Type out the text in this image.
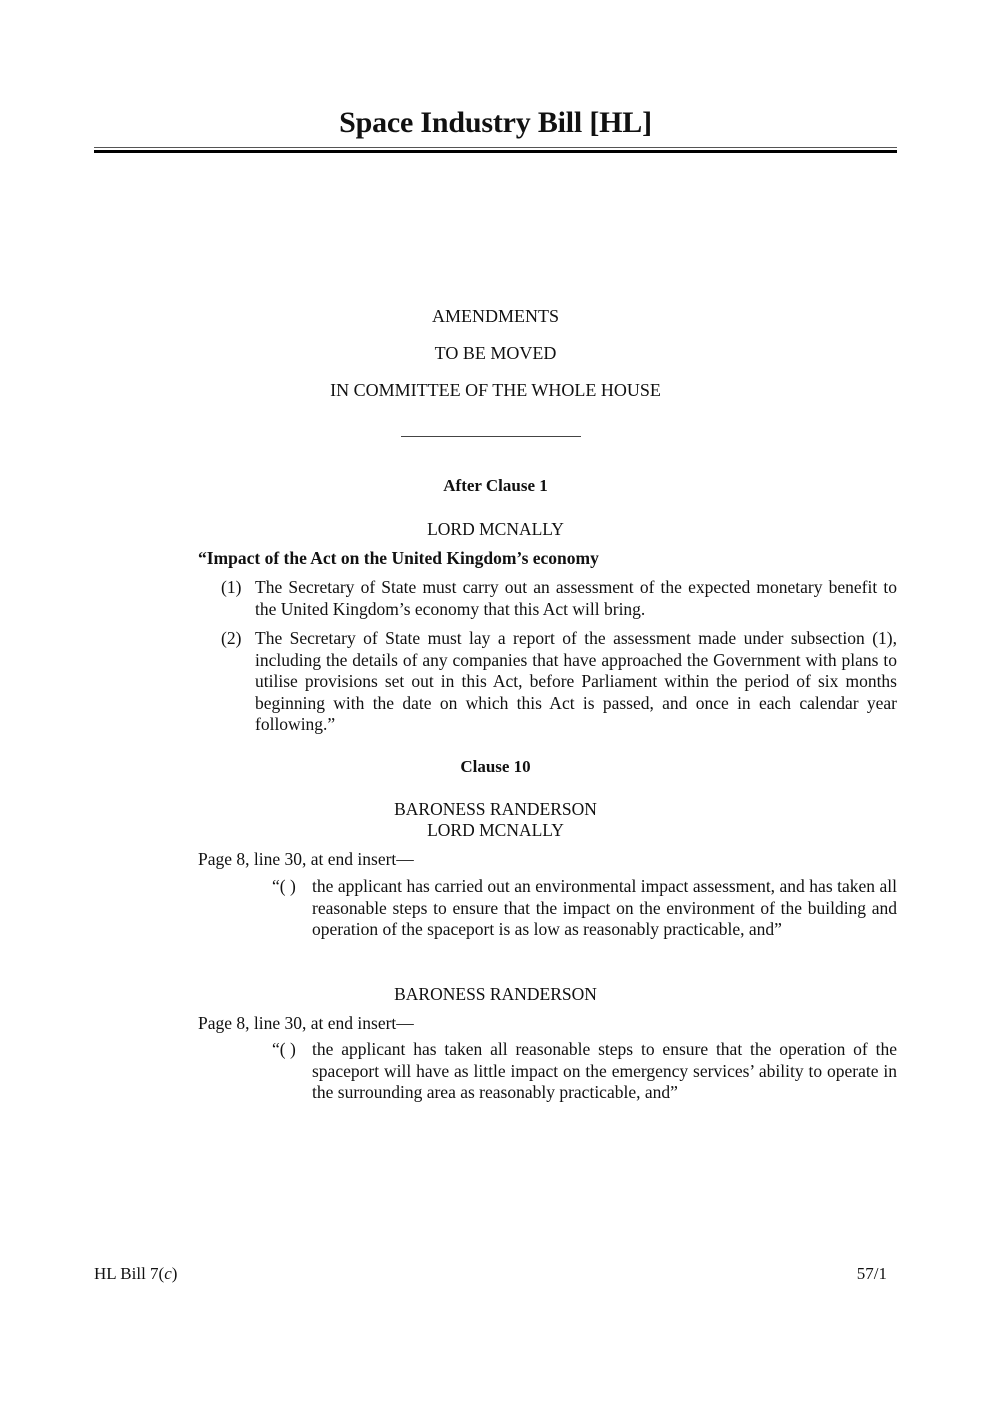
Space Industry Bill [HL]
AMENDMENTS
TO BE MOVED
IN COMMITTEE OF THE WHOLE HOUSE
After Clause 1
LORD MCNALLY
“Impact of the Act on the United Kingdom’s economy
(1) The Secretary of State must carry out an assessment of the expected monetary benefit to the United Kingdom’s economy that this Act will bring.
(2) The Secretary of State must lay a report of the assessment made under subsection (1), including the details of any companies that have approached the Government with plans to utilise provisions set out in this Act, before Parliament within the period of six months beginning with the date on which this Act is passed, and once in each calendar year following.”
Clause 10
BARONESS RANDERSON
LORD MCNALLY
Page 8, line 30, at end insert—
“( ) the applicant has carried out an environmental impact assessment, and has taken all reasonable steps to ensure that the impact on the environment of the building and operation of the spaceport is as low as reasonably practicable, and”
BARONESS RANDERSON
Page 8, line 30, at end insert—
“( ) the applicant has taken all reasonable steps to ensure that the operation of the spaceport will have as little impact on the emergency services’ ability to operate in the surrounding area as reasonably practicable, and”
HL Bill 7(c)	57/1
